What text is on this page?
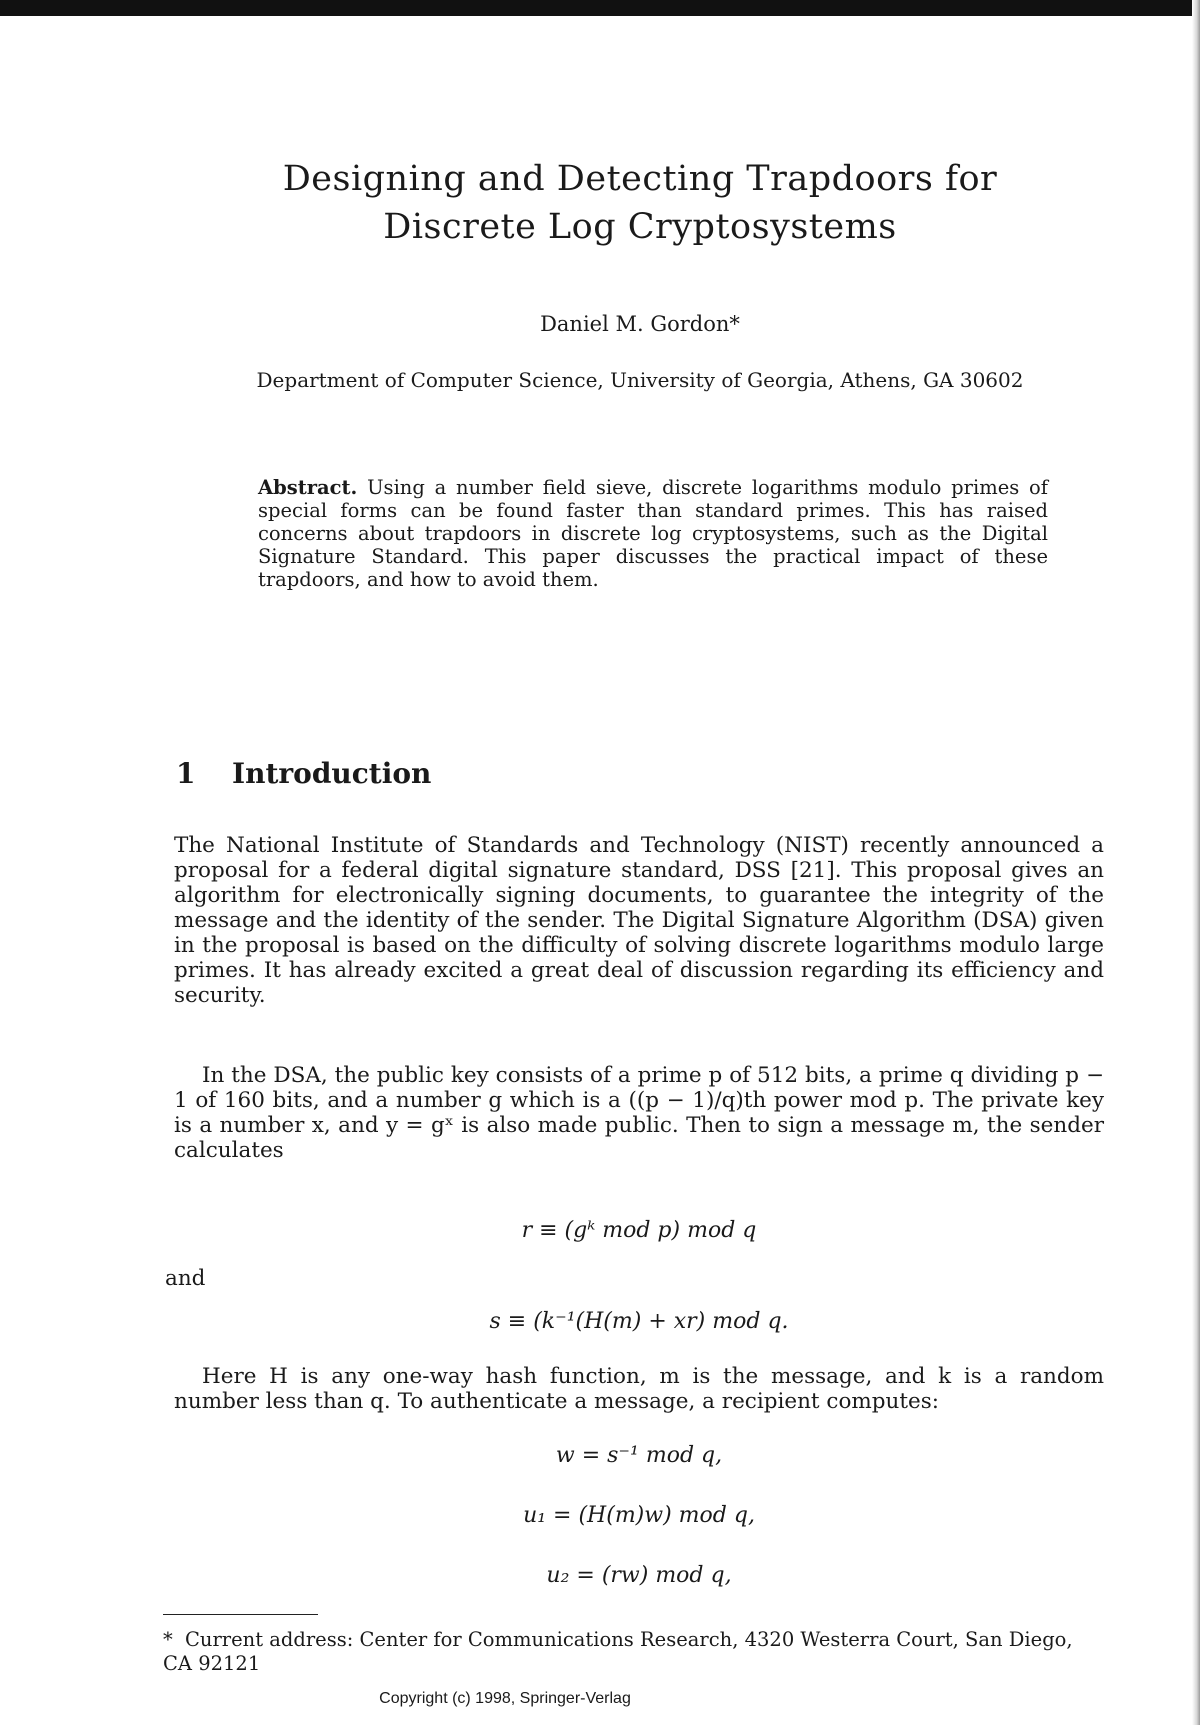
Designing and Detecting Trapdoors for
Discrete Log Cryptosystems
Daniel M. Gordon*
Department of Computer Science, University of Georgia, Athens, GA 30602
Abstract. Using a number field sieve, discrete logarithms modulo primes of special forms can be found faster than standard primes. This has raised concerns about trapdoors in discrete log cryptosystems, such as the Digital Signature Standard. This paper discusses the practical impact of these trapdoors, and how to avoid them.
1 Introduction
The National Institute of Standards and Technology (NIST) recently announced a proposal for a federal digital signature standard, DSS [21]. This proposal gives an algorithm for electronically signing documents, to guarantee the integrity of the message and the identity of the sender. The Digital Signature Algorithm (DSA) given in the proposal is based on the difficulty of solving discrete logarithms modulo large primes. It has already excited a great deal of discussion regarding its efficiency and security.
In the DSA, the public key consists of a prime p of 512 bits, a prime q dividing p − 1 of 160 bits, and a number g which is a ((p − 1)/q)th power mod p. The private key is a number x, and y = gˣ is also made public. Then to sign a message m, the sender calculates
r ≡ (gᵏ mod p) mod q
and
s ≡ (k⁻¹(H(m) + xr) mod q.
Here H is any one-way hash function, m is the message, and k is a random number less than q. To authenticate a message, a recipient computes:
w = s⁻¹ mod q,
u₁ = (H(m)w) mod q,
u₂ = (rw) mod q,
* Current address: Center for Communications Research, 4320 Westerra Court, San Diego, CA 92121
Copyright (c) 1998, Springer-Verlag
